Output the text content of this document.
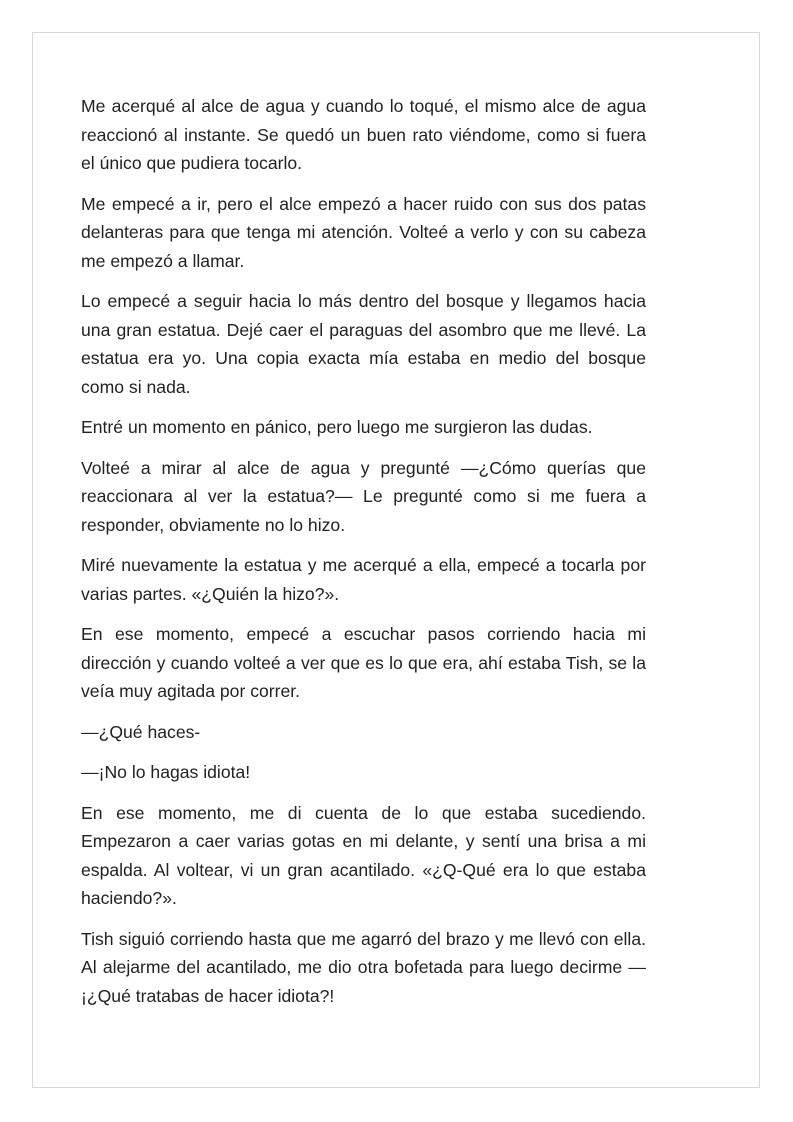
Me acerqué al alce de agua y cuando lo toqué, el mismo alce de agua reaccionó al instante. Se quedó un buen rato viéndome, como si fuera el único que pudiera tocarlo.

Me empecé a ir, pero el alce empezó a hacer ruido con sus dos patas delanteras para que tenga mi atención. Volteé a verlo y con su cabeza me empezó a llamar.

Lo empecé a seguir hacia lo más dentro del bosque y llegamos hacia una gran estatua. Dejé caer el paraguas del asombro que me llevé. La estatua era yo. Una copia exacta mía estaba en medio del bosque como si nada.

Entré un momento en pánico, pero luego me surgieron las dudas.

Volteé a mirar al alce de agua y pregunté —¿Cómo querías que reaccionara al ver la estatua?— Le pregunté como si me fuera a responder, obviamente no lo hizo.

Miré nuevamente la estatua y me acerqué a ella, empecé a tocarla por varias partes. «¿Quién la hizo?».

En ese momento, empecé a escuchar pasos corriendo hacia mi dirección y cuando volteé a ver que es lo que era, ahí estaba Tish, se la veía muy agitada por correr.

—¿Qué haces-

—¡No lo hagas idiota!

En ese momento, me di cuenta de lo que estaba sucediendo. Empezaron a caer varias gotas en mi delante, y sentí una brisa a mi espalda. Al voltear, vi un gran acantilado. «¿Q-Qué era lo que estaba haciendo?».

Tish siguió corriendo hasta que me agarró del brazo y me llevó con ella. Al alejarme del acantilado, me dio otra bofetada para luego decirme —¡¿Qué tratabas de hacer idiota?!
